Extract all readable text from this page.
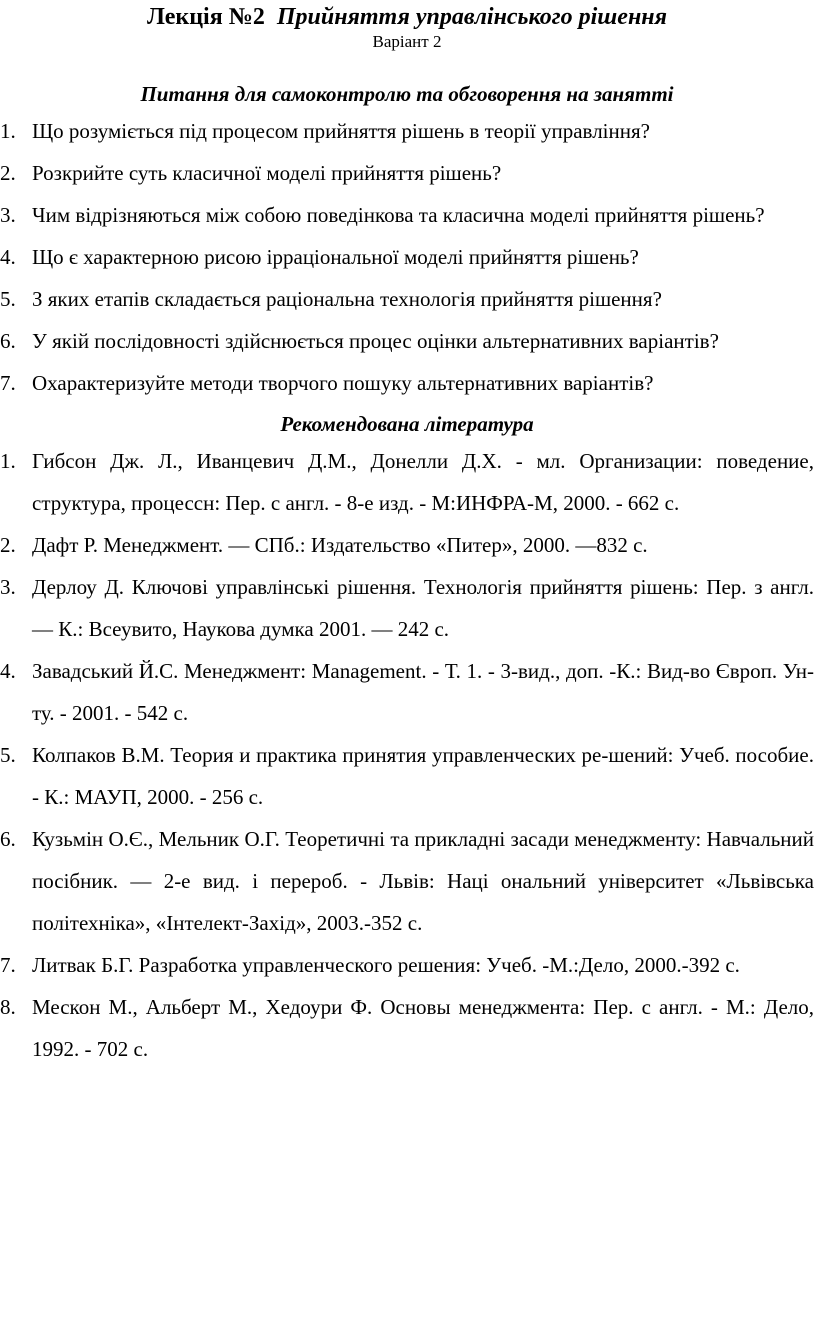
Лекція №2 Прийняття управлінського рішення
Варіант 2
Питання для самоконтролю та обговорення на занятті
1. Що розуміється під процесом прийняття рішень в теорії управління?
2. Розкрийте суть класичної моделі прийняття рішень?
3. Чим відрізняються між собою поведінкова та класична моделі прийняття рішень?
4. Що є характерною рисою ірраціональної моделі прийняття рішень?
5. З яких етапів складається раціональна технологія прийняття рішення?
6. У якій послідовності здійснюється процес оцінки альтернативних варіантів?
7. Охарактеризуйте методи творчого пошуку альтернативних варіантів?
Рекомендована література
1. Гибсон Дж. Л., Иванцевич Д.М., Донелли Д.Х. - мл. Организации: поведение, структура, процессн: Пер. с англ. - 8-е изд. - М:ИНФРА-М, 2000. - 662 с.
2. Дафт Р. Менеджмент. — СПб.: Издательство «Питер», 2000. —832 с.
3. Дерлоу Д. Ключові управлінські рішення. Технологія прийняття рішень: Пер. з англ. — К.: Всеувито, Наукова думка 2001. — 242 с.
4. Завадський Й.С. Менеджмент: Management. - Т. 1. - 3-вид., доп. -К.: Вид-во Європ. Ун-ту. - 2001. - 542 с.
5. Колпаков В.М. Теория и практика принятия управленческих ре-шений: Учеб. пособие. - К.: МАУП, 2000. - 256 с.
6. Кузьмін О.Є., Мельник О.Г. Теоретичні та прикладні засади менеджменту: Навчальний посібник. — 2-е вид. і перероб. - Львів: Наці ональний університет «Львівська політехніка», «Інтелект-Захід», 2003.-352 с.
7. Литвак Б.Г. Разработка управленческого решения: Учеб. -М.:Дело, 2000.-392 с.
8. Мескон М., Альберт М., Хедоури Ф. Основы менеджмента: Пер. с англ. - М.: Дело, 1992. - 702 с.
